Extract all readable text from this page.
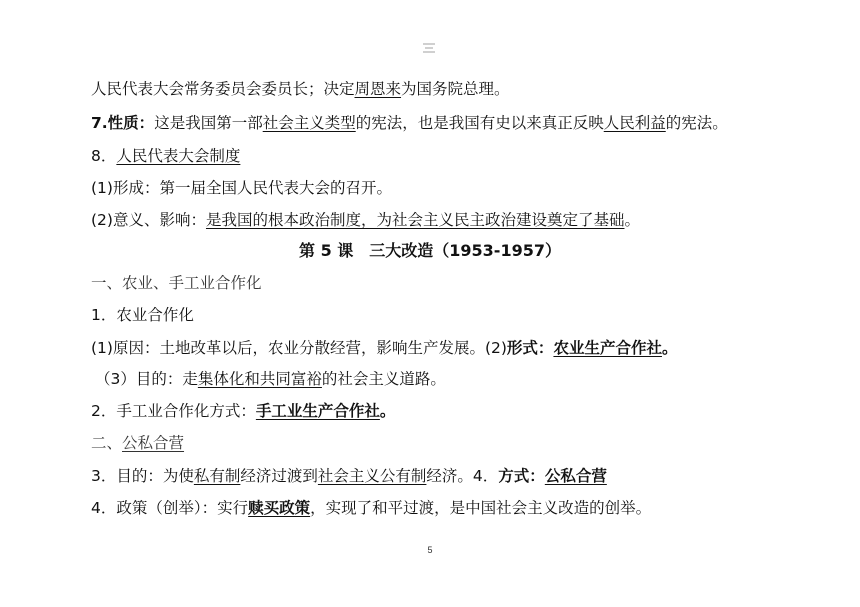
人民代表大会常务委员会委员长；决定周恩来为国务院总理。
7.性质：这是我国第一部社会主义类型的宪法，也是我国有史以来真正反映人民利益的宪法。
8．人民代表大会制度
(1)形成：第一届全国人民代表大会的召开。
(2)意义、影响：是我国的根本政治制度，为社会主义民主政治建设奠定了基础。
第 5 课　三大改造（1953-1957）
一、农业、手工业合作化
1．农业合作化
(1)原因：土地改革以后，农业分散经营，影响生产发展。(2)形式：农业生产合作社。
（3）目的：走集体化和共同富裕的社会主义道路。
2．手工业合作化方式：手工业生产合作社。
二、公私合营
3．目的：为使私有制经济过渡到社会主义公有制经济。4．方式：公私合营
4．政策（创举）：实行赎买政策，实现了和平过渡，是中国社会主义改造的创举。
5
